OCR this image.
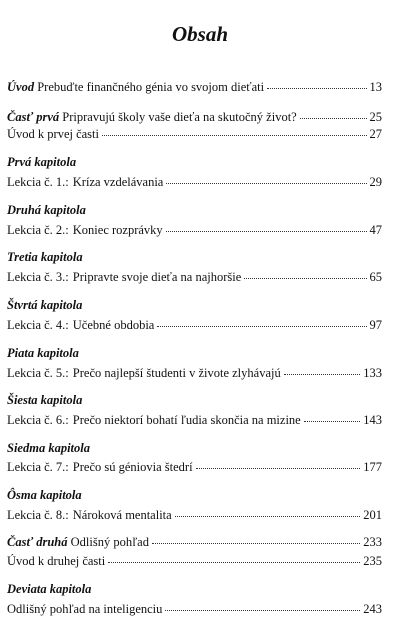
Obsah
Úvod Prebuďte finančného génia vo svojom dieťati	13
Časť prvá Pripravujú školy vaše dieťa na skutočný život?	25
Úvod k prvej časti	27
Prvá kapitola
Lekcia č. 1.: Kríza vzdelávania	29
Druhá kapitola
Lekcia č. 2.: Koniec rozprávky	47
Tretia kapitola
Lekcia č. 3.: Pripravte svoje dieťa na najhoršie	65
Štvrtá kapitola
Lekcia č. 4.: Učebné obdobia	97
Piata kapitola
Lekcia č. 5.: Prečo najlepší študenti v živote zlyhávajú	133
Šiesta kapitola
Lekcia č. 6.: Prečo niektorí bohatí ľudia skončia na mizine	143
Siedma kapitola
Lekcia č. 7.: Prečo sú géniovia štedrí	177
Ôsma kapitola
Lekcia č. 8.: Nároková mentalita	201
Časť druhá Odlišný pohľad	233
Úvod k druhej časti	235
Deviata kapitola
Odlišný pohľad na inteligenciu	243
